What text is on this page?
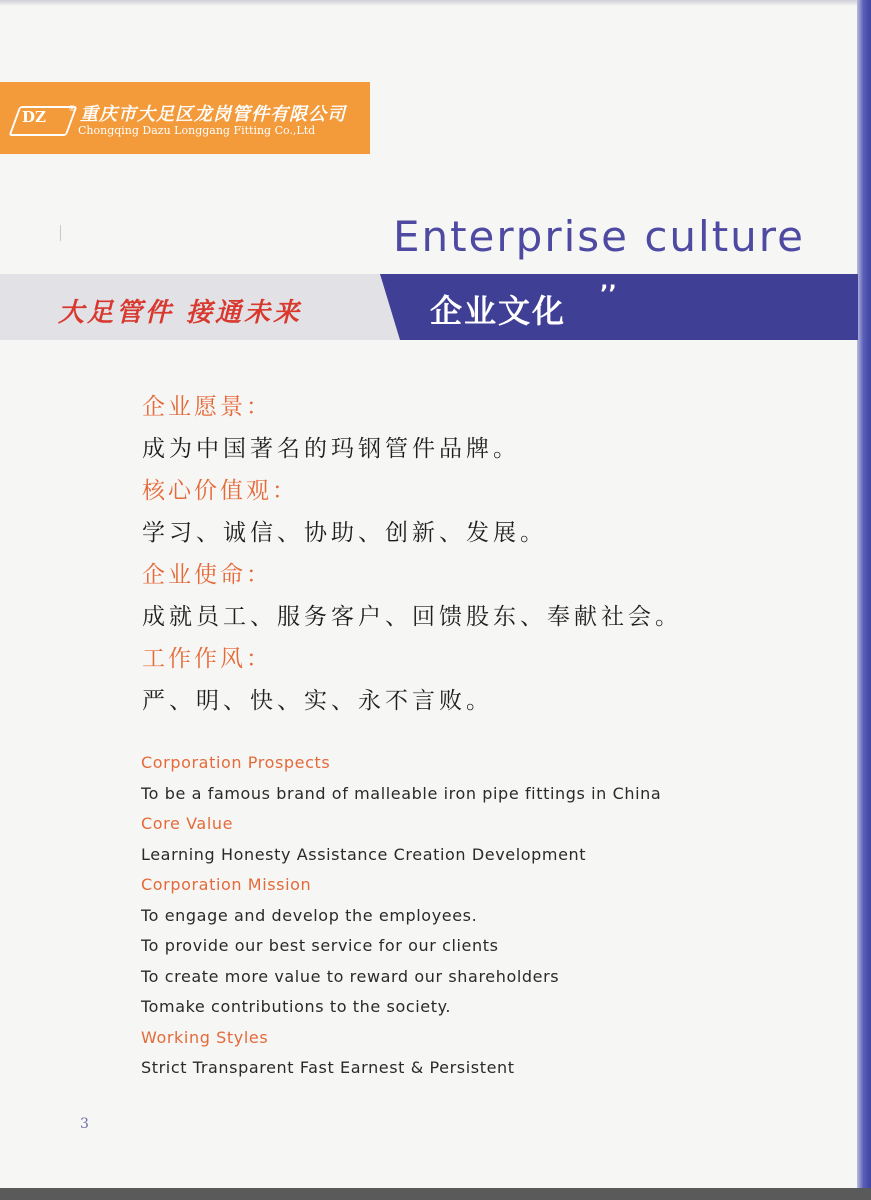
DZ	® 重庆市大足区龙岗管件有限公司
Chongqing Dazu Longgang Fitting Co.,Ltd
Enterprise culture
大足管件 接通未来	企业文化 ’’
企业愿景：
成为中国著名的玛钢管件品牌。
核心价值观：
学习、诚信、协助、创新、发展。
企业使命：
成就员工、服务客户、回馈股东、奉献社会。
工作作风：
严、明、快、实、永不言败。
Corporation Prospects
To be a famous brand of malleable iron pipe fittings in China
Core Value
Learning Honesty Assistance Creation Development
Corporation Mission
To engage and develop the employees.
To provide our best service for our clients
To create more value to reward our shareholders
Tomake contributions to the society.
Working Styles
Strict Transparent Fast Earnest & Persistent
3
